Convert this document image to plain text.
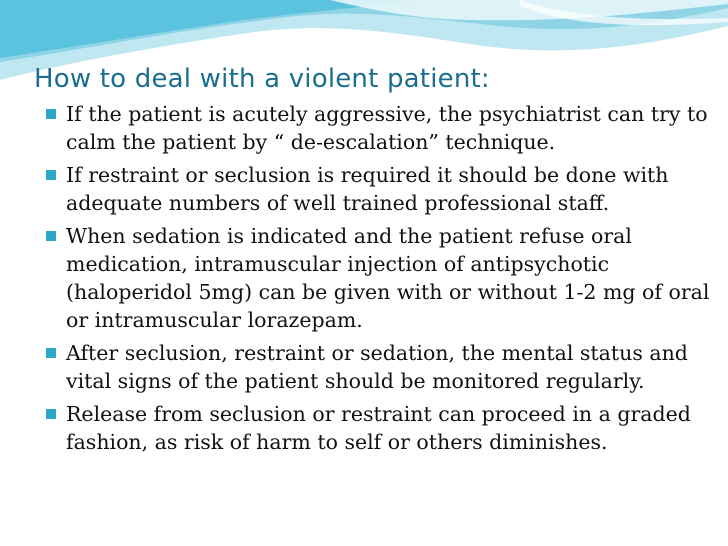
How to deal with a violent patient:
If the patient is acutely aggressive, the psychiatrist can try to calm the patient by “ de-escalation” technique.
If restraint or seclusion is required it should be done with adequate numbers of well trained professional staff.
When sedation is indicated and the patient refuse oral medication, intramuscular injection of antipsychotic (haloperidol 5mg) can be given with or without 1-2 mg of oral or intramuscular lorazepam.
After seclusion, restraint or sedation, the mental status and vital signs of the patient should be monitored regularly.
Release from seclusion or restraint can proceed in a graded fashion, as risk of harm to self or others diminishes.
